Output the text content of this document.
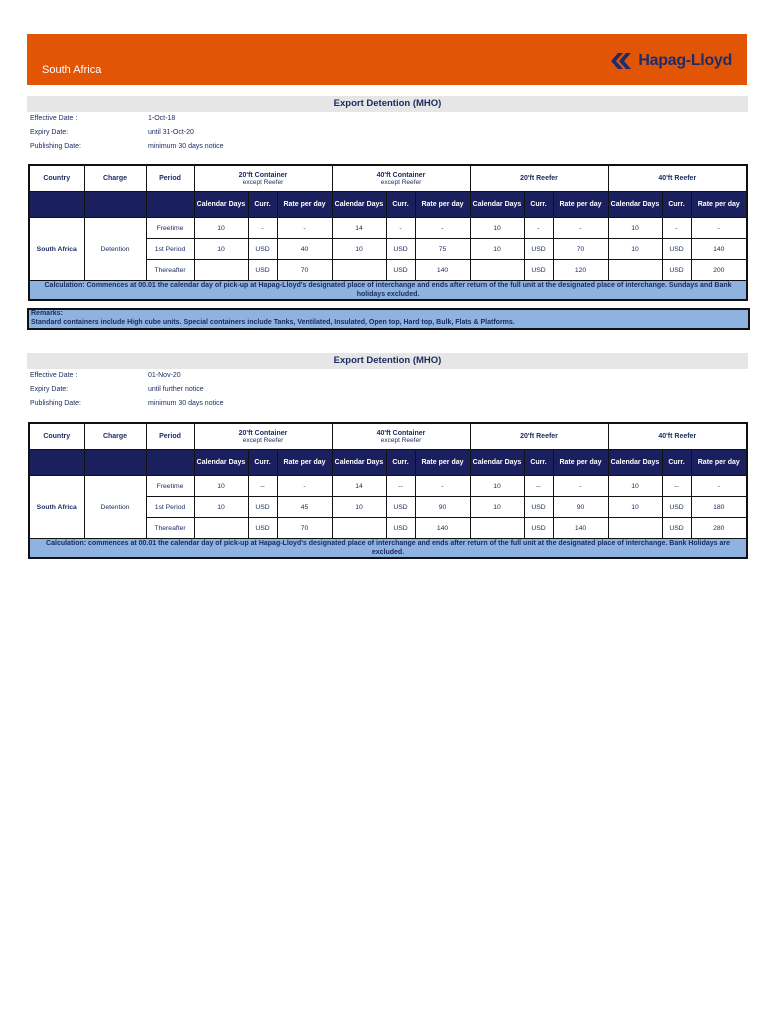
South Africa
Hapag-Lloyd
Export Detention (MHO)
Effective Date :	1-Oct-18
Expiry Date:	until 31-Oct-20
Publishing Date:	minimum 30 days notice
Country	Charge	Period	20'ft Container
except Reefer			40'ft Container
except Reefer			20'ft Reefer			40'ft Reefer		
			Calendar Days	Curr.	Rate per day	Calendar Days	Curr.	Rate per day	Calendar Days	Curr.	Rate per day	Calendar Days	Curr.	Rate per day
South Africa	Detention	Freetime	10	-	-	14	-	-	10	-	-	10	-	-
		1st Period	10	USD	40	10	USD	75	10	USD	70	10	USD	140
		Thereafter		USD	70		USD	140		USD	120		USD	200
Calculation: Commences at 00.01 the calendar day of pick-up at Hapag-Lloyd's designated place of interchange and ends after return of the full unit at the designated place of interchange. Sundays and Bank holidays excluded.														
Remarks:
Standard containers include High cube units. Special containers include Tanks, Ventilated, Insulated, Open top, Hard top, Bulk, Flats & Platforms.
Export Detention (MHO)
Effective Date :	01-Nov-20
Expiry Date:	until further notice
Publishing Date:	minimum 30 days notice
Country	Charge	Period	20'ft Container
except Reefer			40'ft Container
except Reefer			20'ft Reefer			40'ft Reefer		
			Calendar Days	Curr.	Rate per day	Calendar Days	Curr.	Rate per day	Calendar Days	Curr.	Rate per day	Calendar Days	Curr.	Rate per day
South Africa	Detention	Freetime	10	--	-	14	--	-	10	--	-	10	--	-
		1st Period	10	USD	45	10	USD	90	10	USD	90	10	USD	180
		Thereafter		USD	70		USD	140		USD	140		USD	280
Calculation: commences at 00.01 the calendar day of pick-up at Hapag-Lloyd's designated place of interchange and ends after return of the full unit at the designated place of interchange. Bank Holidays are excluded.														
